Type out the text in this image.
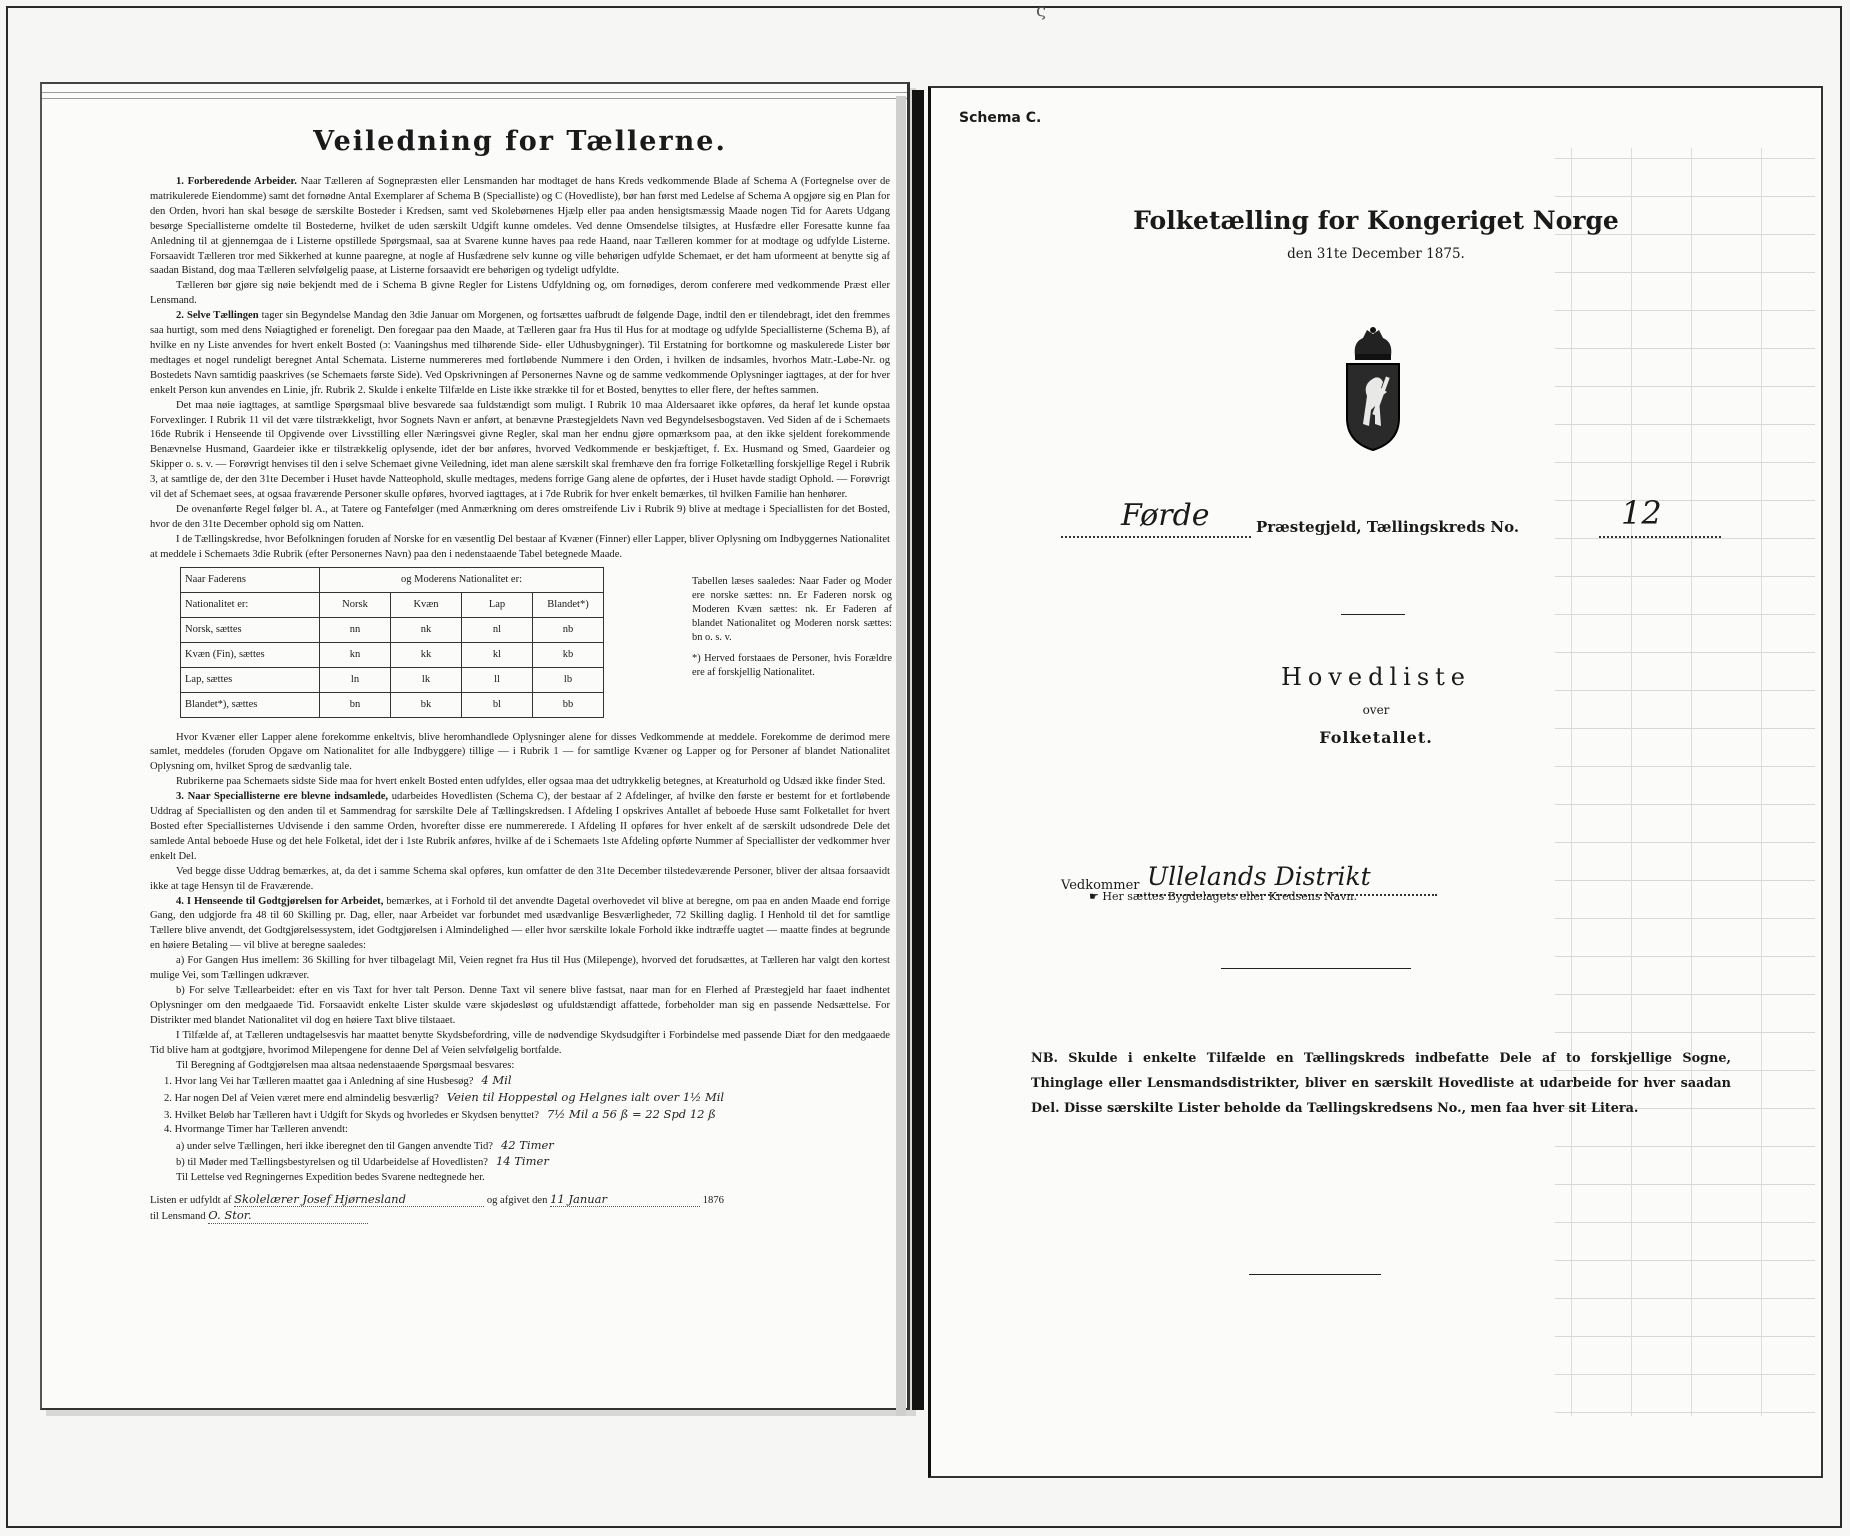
ς
Veiledning for Tællerne.

1. Forberedende Arbeider. Naar Tælleren af Sognepræsten eller Lensmanden har modtaget de hans Kreds vedkommende Blade af Schema A (Fortegnelse over de matrikulerede Eiendomme) samt det fornødne Antal Exemplarer af Schema B (Specialliste) og C (Hovedliste), bør han først med Ledelse af Schema A opgjøre sig en Plan for den Orden, hvori han skal besøge de særskilte Bosteder i Kredsen, samt ved Skolebørnenes Hjælp eller paa anden hensigtsmæssig Maade nogen Tid for Aarets Udgang besørge Speciallisterne omdelte til Bostederne, hvilket de uden særskilt Udgift kunne omdeles. Ved denne Omsendelse tilsigtes, at Husfædre eller Foresatte kunne faa Anledning til at gjennemgaa de i Listerne opstillede Spørgsmaal, saa at Svarene kunne haves paa rede Haand, naar Tælleren kommer for at modtage og udfylde Listerne. Forsaavidt Tælleren tror med Sikkerhed at kunne paaregne, at nogle af Husfædrene selv kunne og ville behørigen udfylde Schemaet, er det ham uformeent at benytte sig af saadan Bistand, dog maa Tælleren selvfølgelig paase, at Listerne forsaavidt ere behørigen og tydeligt udfyldte.

Tælleren bør gjøre sig nøie bekjendt med de i Schema B givne Regler for Listens Udfyldning og, om fornødiges, derom conferere med vedkommende Præst eller Lensmand.

2. Selve Tællingen tager sin Begyndelse Mandag den 3die Januar om Morgenen, og fortsættes uafbrudt de følgende Dage, indtil den er tilendebragt, idet den fremmes saa hurtigt, som med dens Nøiagtighed er foreneligt. Den foregaar paa den Maade, at Tælleren gaar fra Hus til Hus for at modtage og udfylde Speciallisterne (Schema B), af hvilke en ny Liste anvendes for hvert enkelt Bosted (ɔ: Vaaningshus med tilhørende Side- eller Udhusbygninger). Til Erstatning for bortkomne og maskulerede Lister bør medtages et nogel rundeligt beregnet Antal Schemata. Listerne nummereres med fortløbende Nummere i den Orden, i hvilken de indsamles, hvorhos Matr.-Løbe-Nr. og Bostedets Navn samtidig paaskrives (se Schemaets første Side). Ved Opskrivningen af Personernes Navne og de samme vedkommende Oplysninger iagttages, at der for hver enkelt Person kun anvendes en Linie, jfr. Rubrik 2. Skulde i enkelte Tilfælde en Liste ikke strække til for et Bosted, benyttes to eller flere, der heftes sammen.

Det maa nøie iagttages, at samtlige Spørgsmaal blive besvarede saa fuldstændigt som muligt. I Rubrik 10 maa Aldersaaret ikke opføres, da heraf let kunde opstaa Forvexlinger. I Rubrik 11 vil det være tilstrækkeligt, hvor Sognets Navn er anført, at benævne Præstegjeldets Navn ved Begyndelsesbogstaven. Ved Siden af de i Schemaets 16de Rubrik i Henseende til Opgivende over Livsstilling eller Næringsvei givne Regler, skal man her endnu gjøre opmærksom paa, at den ikke sjeldent forekommende Benævnelse Husmand, Gaardeier ikke er tilstrækkelig oplysende, idet der bør anføres, hvorved Vedkommende er beskjæftiget, f. Ex. Husmand og Smed, Gaardeier og Skipper o. s. v. — Forøvrigt henvises til den i selve Schemaet givne Veiledning, idet man alene særskilt skal fremhæve den fra forrige Folketælling forskjellige Regel i Rubrik 3, at samtlige de, der den 31te December i Huset havde Natteophold, skulle medtages, medens forrige Gang alene de opførtes, der i Huset havde stadigt Ophold. — Forøvrigt vil det af Schemaet sees, at ogsaa fraværende Personer skulle opføres, hvorved iagttages, at i 7de Rubrik for hver enkelt bemærkes, til hvilken Familie han henhører.

De ovenanførte Regel følger bl. A., at Tatere og Fantefølger (med Anmærkning om deres omstreifende Liv i Rubrik 9) blive at medtage i Speciallisten for det Bosted, hvor de den 31te December ophold sig om Natten.

I de Tællingskredse, hvor Befolkningen foruden af Norske for en væsentlig Del bestaar af Kvæner (Finner) eller Lapper, bliver Oplysning om Indbyggernes Nationalitet at meddele i Schemaets 3die Rubrik (efter Personernes Navn) paa den i nedenstaaende Tabel betegnede Maade.

Naar Faderens	og Moderens Nationalitet er:			
Nationalitet er:	Norsk	Kvæn	Lap	Blandet*)
Norsk, sættes	nn	nk	nl	nb
Kvæn (Fin), sættes	kn	kk	kl	kb
Lap, sættes	ln	lk	ll	lb
Blandet*), sættes	bn	bk	bl	bb

Tabellen læses saaledes: Naar Fader og Moder ere norske sættes: nn. Er Faderen norsk og Moderen Kvæn sættes: nk. Er Faderen af blandet Nationalitet og Moderen norsk sættes: bn o. s. v.

*) Herved forstaaes de Personer, hvis Forældre ere af forskjellig Nationalitet.

Hvor Kvæner eller Lapper alene forekomme enkeltvis, blive heromhandlede Oplysninger alene for disses Vedkommende at meddele. Forekomme de derimod mere samlet, meddeles (foruden Opgave om Nationalitet for alle Indbyggere) tillige — i Rubrik 1 — for samtlige Kvæner og Lapper og for Personer af blandet Nationalitet Oplysning om, hvilket Sprog de sædvanlig tale.

Rubrikerne paa Schemaets sidste Side maa for hvert enkelt Bosted enten udfyldes, eller ogsaa maa det udtrykkelig betegnes, at Kreaturhold og Udsæd ikke finder Sted.

3. Naar Speciallisterne ere blevne indsamlede, udarbeides Hovedlisten (Schema C), der bestaar af 2 Afdelinger, af hvilke den første er bestemt for et fortløbende Uddrag af Speciallisten og den anden til et Sammendrag for særskilte Dele af Tællingskredsen. I Afdeling I opskrives Antallet af beboede Huse samt Folketallet for hvert Bosted efter Speciallisternes Udvisende i den samme Orden, hvorefter disse ere nummererede. I Afdeling II opføres for hver enkelt af de særskilt udsondrede Dele det samlede Antal beboede Huse og det hele Folketal, idet der i 1ste Rubrik anføres, hvilke af de i Schemaets 1ste Afdeling opførte Nummer af Speciallister der vedkommer hver enkelt Del.

Ved begge disse Uddrag bemærkes, at, da det i samme Schema skal opføres, kun omfatter de den 31te December tilstedeværende Personer, bliver der altsaa forsaavidt ikke at tage Hensyn til de Fraværende.

4. I Henseende til Godtgjørelsen for Arbeidet, bemærkes, at i Forhold til det anvendte Dagetal overhovedet vil blive at beregne, om paa en anden Maade end forrige Gang, den udgjorde fra 48 til 60 Skilling pr. Dag, eller, naar Arbeidet var forbundet med usædvanlige Besværligheder, 72 Skilling daglig. I Henhold til det for samtlige Tællere blive anvendt, det Godtgjørelsessystem, idet Godtgjørelsen i Almindelighed — eller hvor særskilte lokale Forhold ikke indtræffe uagtet — maatte findes at begrunde en høiere Betaling — vil blive at beregne saaledes:

a) For Gangen Hus imellem: 36 Skilling for hver tilbagelagt Mil, Veien regnet fra Hus til Hus (Milepenge), hvorved det forudsættes, at Tælleren har valgt den kortest mulige Vei, som Tællingen udkræver.

b) For selve Tællearbeidet: efter en vis Taxt for hver talt Person. Denne Taxt vil senere blive fastsat, naar man for en Flerhed af Præstegjeld har faaet indhentet Oplysninger om den medgaaede Tid. Forsaavidt enkelte Lister skulde være skjødesløst og ufuldstændigt affattede, forbeholder man sig en passende Nedsættelse. For Distrikter med blandet Nationalitet vil dog en høiere Taxt blive tilstaaet.

I Tilfælde af, at Tælleren undtagelsesvis har maattet benytte Skydsbefordring, ville de nødvendige Skydsudgifter i Forbindelse med passende Diæt for den medgaaede Tid blive ham at godtgjøre, hvorimod Milepengene for denne Del af Veien selvfølgelig bortfalde.

Til Beregning af Godtgjørelsen maa altsaa nedenstaaende Spørgsmaal besvares:

1. Hvor lang Vei har Tælleren maattet gaa i Anledning af sine Husbesøg? 4 Mil
2. Har nogen Del af Veien været mere end almindelig besværlig? Veien til Hoppestøl og Helgnes ialt over 1½ Mil
3. Hvilket Beløb har Tælleren havt i Udgift for Skyds og hvorledes er Skydsen benyttet? 7½ Mil a 56 ß = 22 Spd 12 ß
4. Hvormange Timer har Tælleren anvendt:
a) under selve Tællingen, heri ikke iberegnet den til Gangen anvendte Tid? 42 Timer
b) til Møder med Tællingsbestyrelsen og til Udarbeidelse af Hovedlisten? 14 Timer
Til Lettelse ved Regningernes Expedition bedes Svarene nedtegnede her.
Listen er udfyldt af Skolelærer Josef Hjørnesland	og afgivet den 11 Januar	1876
til Lensmand O. Stor.
Schema C.
Folketælling for Kongeriget Norge
den 31te December 1875.
Førde	Præstegjeld, Tællingskreds No.	12
Hovedliste
over
Folketallet.
Vedkommer Ullelands Distrikt
☛ Her sættes Bygdelagets eller Kredsens Navn.
NB. Skulde i enkelte Tilfælde en Tællingskreds indbefatte Dele af to forskjellige Sogne, Thinglage eller Lensmandsdistrikter, bliver en særskilt Hovedliste at udarbeide for hver saadan Del. Disse særskilte Lister beholde da Tællingskredsens No., men faa hver sit Litera.
